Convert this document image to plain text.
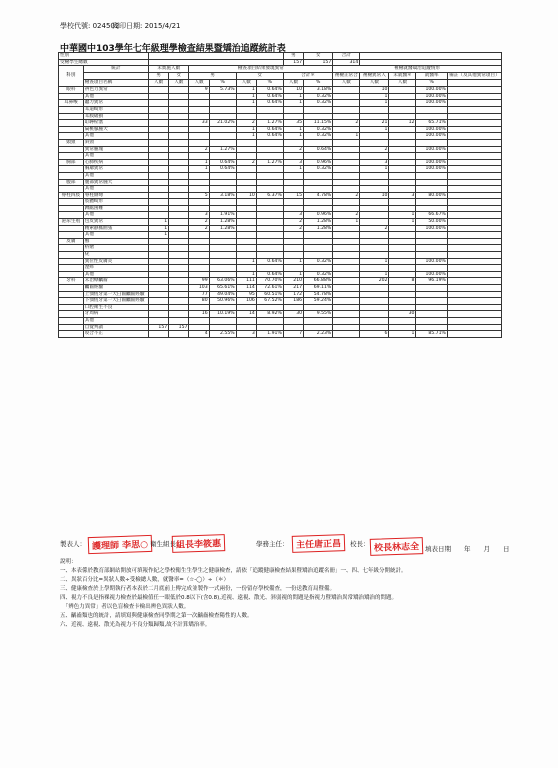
學校代號: 024502
列印日期: 2015/4/21
中華國中103學年七年級理學檢查結果暨矯治追蹤統計表
性別								男	女	合計				
受檢學生總數								157	157	314				
科別	統計	未實施人數		檢查項目結果發現異常						複檢就醫矯治追蹤情形				
		男	女	男		女		合計＊		複檢正常合	複檢異常人	未就醫＊	就醫率	備註（及其他異常項目）
	檢查項目名稱	人數	人數	人數	%	人數	%	人數	%	人數	人數	人數	%	
眼科	辨色力異常			9	5.73%	1	0.64%	10	3.18%		10		100.00%	
	其他					1	0.64%	1	0.32%		1		100.00%	
耳鼻喉	聽力異常					1	0.64%	1	0.32%		1		100.00%	
	耳道畸形													
	耳膜破損													
	耵聹栓塞			33	21.02%	2	1.27%	35	11.15%	2	21	12	65.71%	
	扁桃腺腫大					1	0.64%	1	0.32%		1		100.00%	
	其他					1	0.64%	1	0.32%	1			100.00%	
頭頸	斜頸													
	異常腫塊			2	1.27%			2	0.64%		2		100.00%	
	其他													
胸部	心肺疾病			1	0.64%	2	1.27%	3	0.96%		3		100.00%	
	胸廓異常			1	0.64%			1	0.32%		1		100.00%	
	其他													
腹部	腹部異常腫大													
	其他													
脊柱四肢	脊柱側彎			5	3.18%	10	6.37%	15	4.78%	2	10	3	80.00%	
	肢體畸形													
	蹲踞困難													
	其他			3	1.91%			3	0.96%	2		1	66.67%	
泌尿生殖	包皮異常	1		2	1.28%			2	1.28%	1		1	50.00%	
	精索靜脈曲張	1		2	1.28%			2	1.28%		2		100.00%	
	其他	1												
皮膚	癬													
	疥瘡													
	疣													
	異位性皮膚炎					1	0.64%	1	0.32%		1		100.00%	
	溼疹													
	其他					1	0.64%	1	0.32%		1		100.00%	
牙科	未治療齲齒			99	63.06%	111	70.70%	210	66.88%		202	8	96.19%	
	齲齒經驗			103	65.61%	114	72.61%	217	69.11%					
	上顎恆牙第一大臼齒齲齒經驗			77	49.04%	95	60.51%	172	54.78%					
	下顎恆牙第一大臼齒齲齒經驗			80	50.96%	106	67.52%	186	59.24%					
	口腔衛生不良													
	牙周病			16	10.19%	14	8.92%	30	9.55%			30		
	其他													
	自覺判讀	157	157											
	咬合不正			4	2.55%	3	1.91%	7	2.23%		6	1	85.71%	
製表人： 護理師 李思○ 衛生組長：
組長李筱惠	學務主任： 主任唐正昌	校長： 校長林志全 填表日期　　年　　月　　日
說明：
一、本表係於教育部網站開放可填報作紀之學校衛生生學生之健康檢查，請依「追蹤健康檢查結果暨矯治追蹤名冊」一、四、七年級分開統計。
二、異狀百分比=異狀人數÷受檢總人數，就醫率=（☆-◯）÷（＊）
三、健康檢查於上學期執行者本表於二月底前上傳完成並製作一式兩份，一份留存學校備查，一份送教育局暨備。
四、視力不良是指裸視力檢查於最檢值任一眼低於0.8以下(含0.8),近視、遠視、散光、斜弱視的問題是指視力暨矯治異常矯治矯治的問題。
　「辨色力異常」者以色盲檢查卡檢出辨色異狀人數。
五、齲齒類也的統計，請填寫與健康檢查同學期之第一次齲齒檢查陽性的人數。
六、近視、遠視、散光為視力不良分類歸類,故不計算矯治率。
